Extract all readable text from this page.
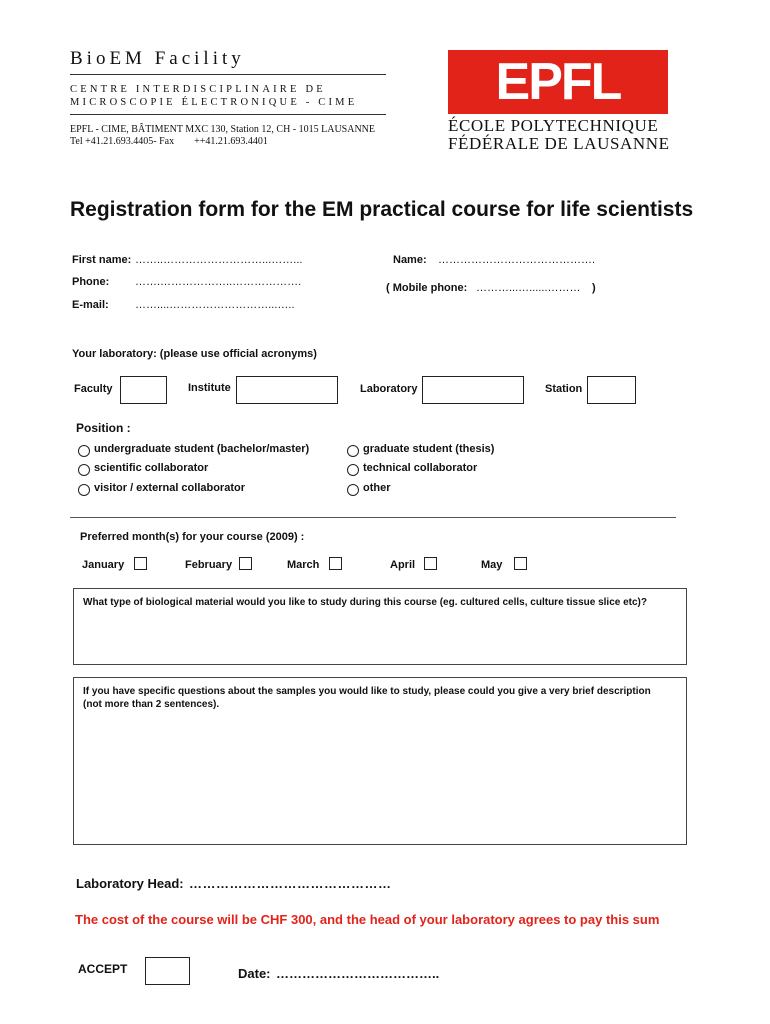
BioEM Facility
CENTRE INTERDISCIPLINAIRE DE
MICROSCOPIE ÉLECTRONIQUE - CIME
EPFL - CIME, BÂTIMENT MXC 130, Station 12, CH - 1015 LAUSANNE
Tel +41.21.693.4405- Fax        ++41.21.693.4401
EPFL
ÉCOLE POLYTECHNIQUE
FÉDÉRALE DE LAUSANNE
Registration form for the EM practical course for life scientists
First name: ……..………………………...……...	Name: …………………………………….
Phone: …….………………..……………….	( Mobile phone: ………...…......……… )
E-mail: ……....………………………...…..
Your laboratory: (please use official acronyms)
Faculty	Institute	Laboratory	Station
Position :
undergraduate student (bachelor/master)	graduate student (thesis)
scientific collaborator	technical collaborator
visitor / external collaborator	other
Preferred month(s) for your course (2009) :
January	February	March	April	May
What type of biological material would you like to study during this course (eg. cultured cells, culture tissue slice etc)?
If you have specific questions about the samples you would like to study, please could you give a very brief description
(not more than 2 sentences).
Laboratory Head: ………………………………………
The cost of the course will be CHF 300, and the head of your laboratory agrees to pay this sum
ACCEPT	Date: ………………………………..
